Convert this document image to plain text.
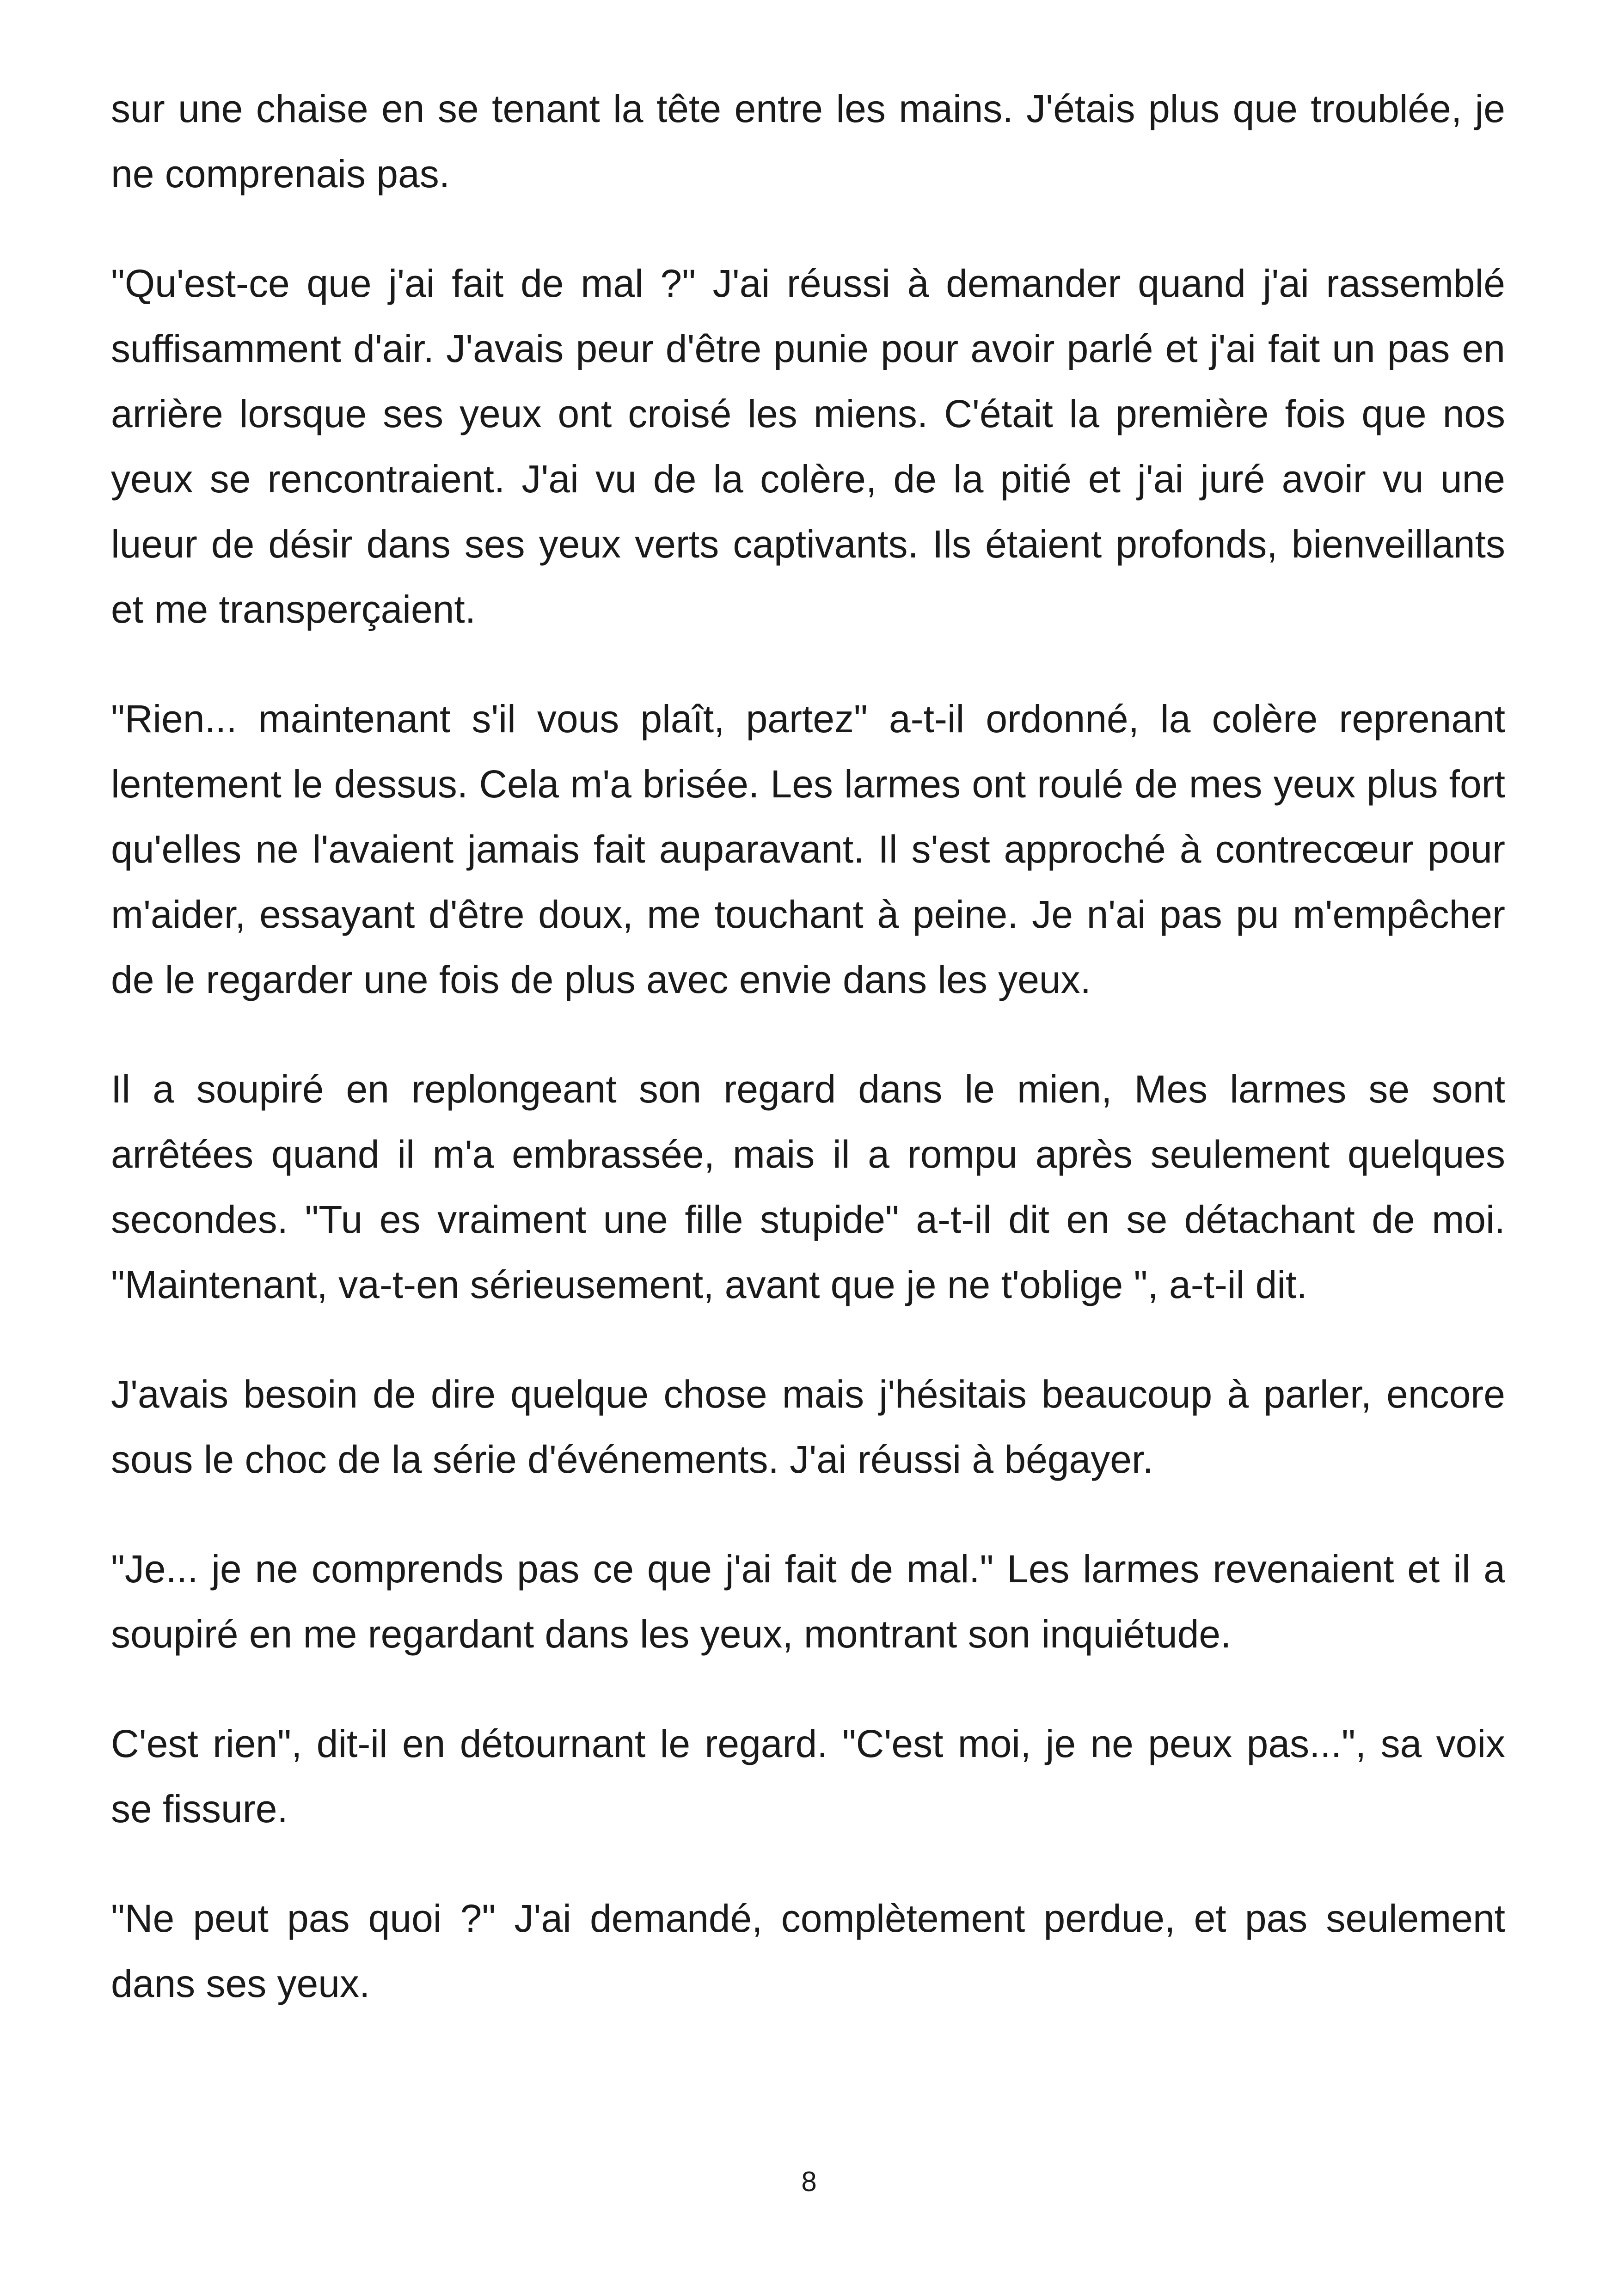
sur une chaise en se tenant la tête entre les mains. J'étais plus que troublée, je ne comprenais pas.

"Qu'est-ce que j'ai fait de mal ?" J'ai réussi à demander quand j'ai rassemblé suffisamment d'air. J'avais peur d'être punie pour avoir parlé et j'ai fait un pas en arrière lorsque ses yeux ont croisé les miens. C'était la première fois que nos yeux se rencontraient. J'ai vu de la colère, de la pitié et j'ai juré avoir vu une lueur de désir dans ses yeux verts captivants. Ils étaient profonds, bienveillants et me transperçaient.

"Rien... maintenant s'il vous plaît, partez" a-t-il ordonné, la colère reprenant lentement le dessus. Cela m'a brisée. Les larmes ont roulé de mes yeux plus fort qu'elles ne l'avaient jamais fait auparavant. Il s'est approché à contrecœur pour m'aider, essayant d'être doux, me touchant à peine. Je n'ai pas pu m'empêcher de le regarder une fois de plus avec envie dans les yeux.

Il a soupiré en replongeant son regard dans le mien, Mes larmes se sont arrêtées quand il m'a embrassée, mais il a rompu après seulement quelques secondes. "Tu es vraiment une fille stupide" a-t-il dit en se détachant de moi. "Maintenant, va-t-en sérieusement, avant que je ne t'oblige ", a-t-il dit.

J'avais besoin de dire quelque chose mais j'hésitais beaucoup à parler, encore sous le choc de la série d'événements. J'ai réussi à bégayer.

"Je... je ne comprends pas ce que j'ai fait de mal." Les larmes revenaient et il a soupiré en me regardant dans les yeux, montrant son inquiétude.

C'est rien", dit-il en détournant le regard. "C'est moi, je ne peux pas...", sa voix se fissure.

"Ne peut pas quoi ?" J'ai demandé, complètement perdue, et pas seulement dans ses yeux.

8
